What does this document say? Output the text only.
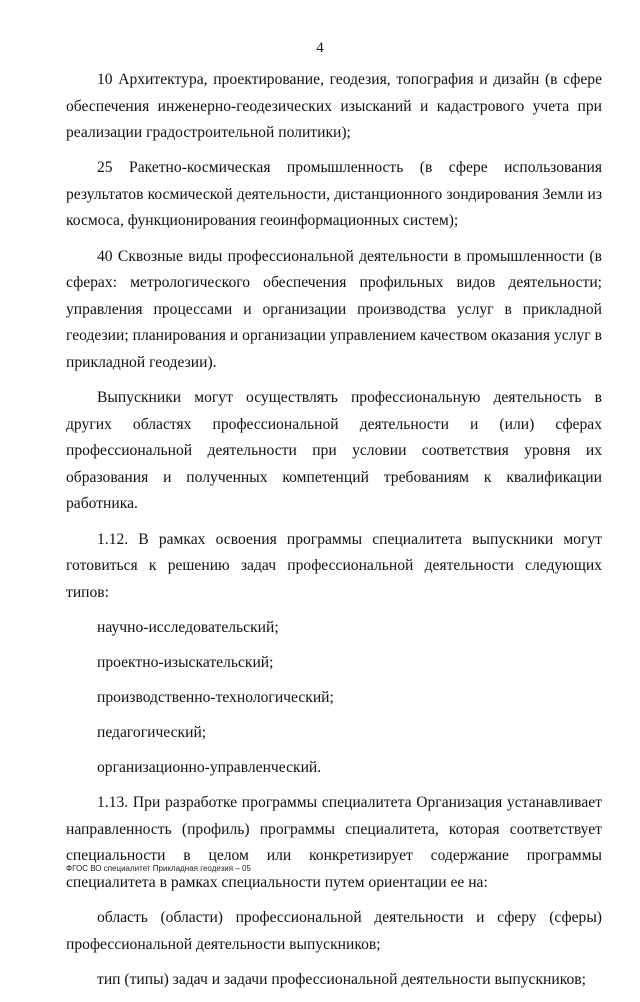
4

10 Архитектура, проектирование, геодезия, топография и дизайн (в сфере обеспечения инженерно-геодезических изысканий и кадастрового учета при реализации градостроительной политики);

25 Ракетно-космическая промышленность (в сфере использования результатов космической деятельности, дистанционного зондирования Земли из космоса, функционирования геоинформационных систем);

40 Сквозные виды профессиональной деятельности в промышленности (в сферах: метрологического обеспечения профильных видов деятельности; управления процессами и организации производства услуг в прикладной геодезии; планирования и организации управлением качеством оказания услуг в прикладной геодезии).

Выпускники могут осуществлять профессиональную деятельность в других областях профессиональной деятельности и (или) сферах профессиональной деятельности при условии соответствия уровня их образования и полученных компетенций требованиям к квалификации работника.

1.12. В рамках освоения программы специалитета выпускники могут готовиться к решению задач профессиональной деятельности следующих типов:

научно-исследовательский;

проектно-изыскательский;

производственно-технологический;

педагогический;

организационно-управленческий.

1.13. При разработке программы специалитета Организация устанавливает направленность (профиль) программы специалитета, которая соответствует специальности в целом или конкретизирует содержание программы специалитета в рамках специальности путем ориентации ее на:

область (области) профессиональной деятельности и сферу (сферы) профессиональной деятельности выпускников;

тип (типы) задач и задачи профессиональной деятельности выпускников;

ФГОС ВО специалитет Прикладная геодезия – 05
